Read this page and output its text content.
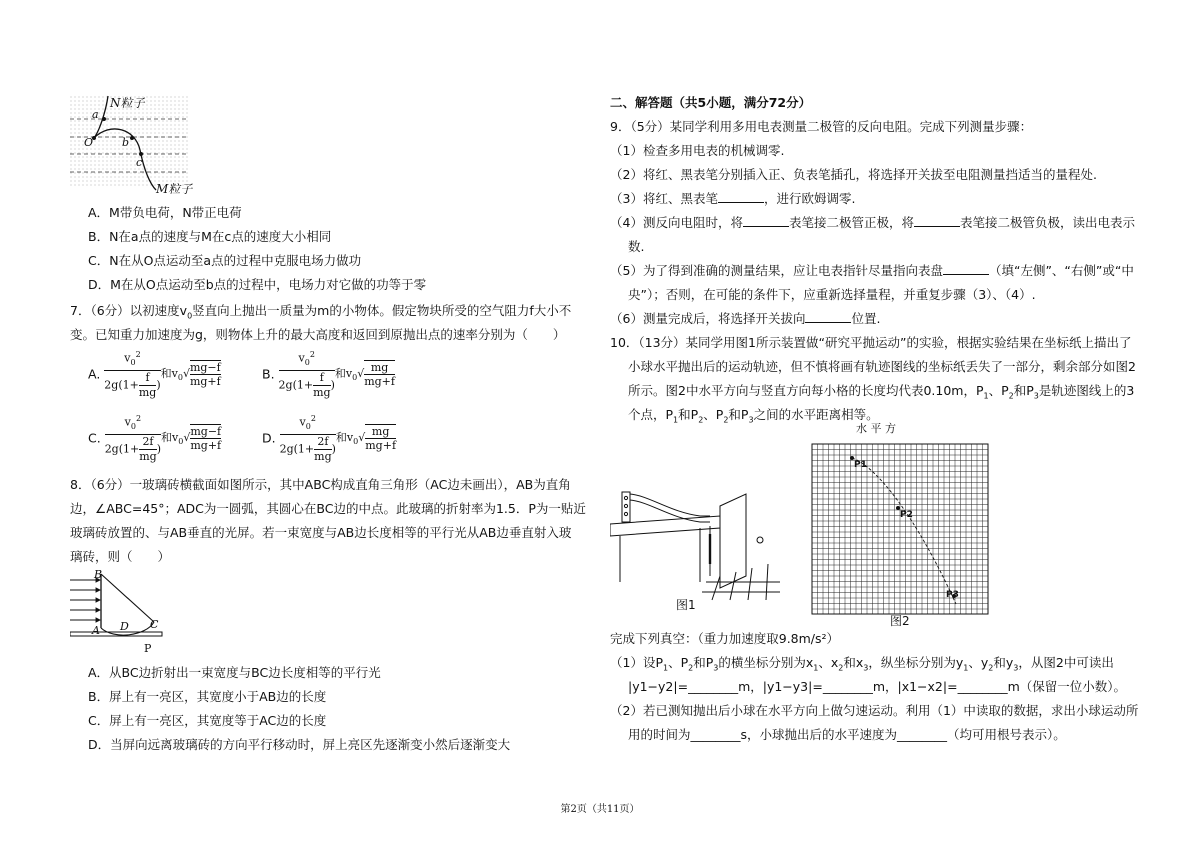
N粒子
M粒子
a
O	b
c
A．M带负电荷，N带正电荷
B．N在a点的速度与M在c点的速度大小相同
C．N在从O点运动至a点的过程中克服电场力做功
D．M在从O点运动至b点的过程中，电场力对它做的功等于零
7．（6分）以初速度$v_0$竖直向上抛出一质量为m的小物体。假定物块所受的空气阻力f大小不
变。已知重力加速度为g，则物体上升的最大高度和返回到原抛出点的速率分别为（　　）
A. $\frac{v_0^2}{2g(1+ \frac{f}{mg} )}$ 和$v_0√ \frac{mg-f}{mg+f}$	B. $\frac{v_0^2}{2g(1+ \frac{f}{mg} )}$ 和$v_0√ \frac{mg}{mg+f}$
C. $\frac{v_0^2}{2g(1+ \frac{2f}{mg} )}$ 和$v_0√ \frac{mg-f}{mg+f}$	D. $\frac{v_0^2}{2g(1+ \frac{2f}{mg} )}$ 和$v_0√ \frac{mg}{mg+f}$
8．（6分）一玻璃砖横截面如图所示，其中ABC构成直角三角形（AC边未画出），AB为直角
边，∠ABC=45°；ADC为一圆弧，其圆心在BC边的中点。此玻璃的折射率为1.5．P为一贴近
玻璃砖放置的、与AB垂直的光屏。若一束宽度与AB边长度相等的平行光从AB边垂直射入玻
璃砖，则（　　）
B
A D C
P
A．从BC边折射出一束宽度与BC边长度相等的平行光
B．屏上有一亮区，其宽度小于AB边的长度
C．屏上有一亮区，其宽度等于AC边的长度
D．当屏向远离玻璃砖的方向平行移动时，屏上亮区先逐渐变小然后逐渐变大
二、解答题（共5小题，满分72分）
9．（5分）某同学利用多用电表测量二极管的反向电阻。完成下列测量步骤：
（1）检查多用电表的机械调零.
（2）将红、黑表笔分别插入正、负表笔插孔，将选择开关拔至电阻测量挡适当的量程处.
（3）将红、黑表笔	，进行欧姆调零.
（4）测反向电阻时，将	表笔接二极管正极，将	表笔接二极管负极，读出电表示
数.
（5）为了得到准确的测量结果，应让电表指针尽量指向表盘	（填“左侧”、“右侧”或“中
央”）；否则，在可能的条件下，应重新选择量程，并重复步骤（3）、（4）.
（6）测量完成后，将选择开关拔向	位置.
10．（13分）某同学用图1所示装置做“研究平抛运动”的实验，根据实验结果在坐标纸上描出了
小球水平抛出后的运动轨迹，但不慎将画有轨迹图线的坐标纸丢失了一部分，剩余部分如图2
所示。图2中水平方向与竖直方向每小格的长度均代表0.10m，$P_1$、$P_2$和$P_3$是轨迹图线上的3
个点，$P_1$和$P_2$、$P_2$和$P_3$之间的水平距离相等。
图1
水 平 方
P1
P2
P3
图2
完成下列真空：（重力加速度取9.8m/s²）
（1）设$P_1$、$P_2$和$P_3$的横坐标分别为$x_1$、$x_2$和$x_3$，纵坐标分别为$y_1$、$y_2$和$y_3$，从图2中可读出
|y1−y2|=________m，|y1−y3|=________m，|x1−x2|=________m（保留一位小数）。
（2）若已测知抛出后小球在水平方向上做匀速运动。利用（1）中读取的数据，求出小球运动所
用的时间为________s，小球抛出后的水平速度为________（均可用根号表示）。
第2页（共11页）
